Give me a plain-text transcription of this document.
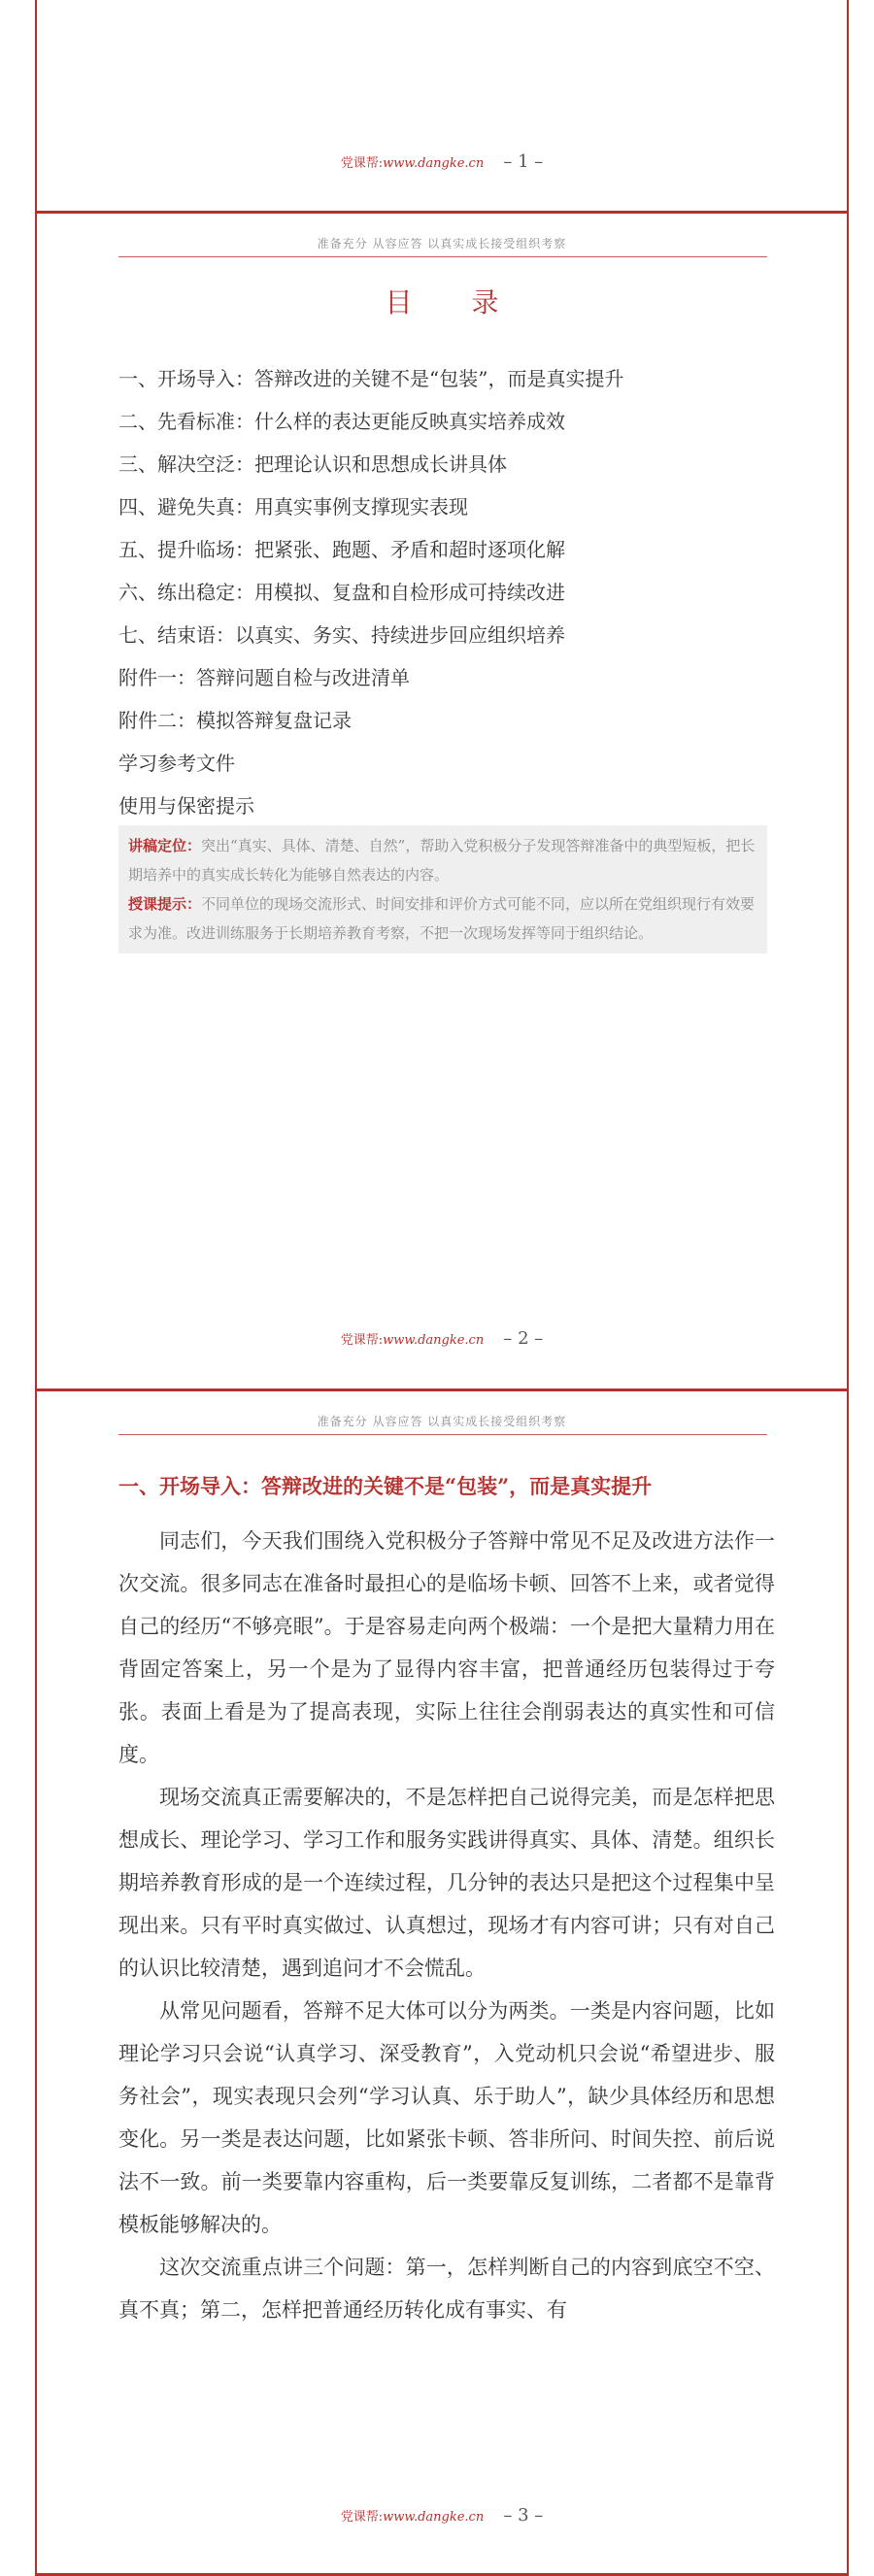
党课帮:www.dangke.cn – 1 –
准备充分 从容应答 以真实成长接受组织考察
目 录
一、开场导入：答辩改进的关键不是“包装”，而是真实提升
二、先看标准：什么样的表达更能反映真实培养成效
三、解决空泛：把理论认识和思想成长讲具体
四、避免失真：用真实事例支撑现实表现
五、提升临场：把紧张、跑题、矛盾和超时逐项化解
六、练出稳定：用模拟、复盘和自检形成可持续改进
七、结束语：以真实、务实、持续进步回应组织培养
附件一：答辩问题自检与改进清单
附件二：模拟答辩复盘记录
学习参考文件
使用与保密提示
讲稿定位：突出“真实、具体、清楚、自然”，帮助入党积极分子发现答辩准备中的典型短板，把长期培养中的真实成长转化为能够自然表达的内容。
授课提示：不同单位的现场交流形式、时间安排和评价方式可能不同，应以所在党组织现行有效要求为准。改进训练服务于长期培养教育考察，不把一次现场发挥等同于组织结论。
党课帮:www.dangke.cn – 2 –
准备充分 从容应答 以真实成长接受组织考察
一、开场导入：答辩改进的关键不是“包装”，而是真实提升

同志们，今天我们围绕入党积极分子答辩中常见不足及改进方法作一次交流。很多同志在准备时最担心的是临场卡顿、回答不上来，或者觉得自己的经历“不够亮眼”。于是容易走向两个极端：一个是把大量精力用在背固定答案上，另一个是为了显得内容丰富，把普通经历包装得过于夸张。表面上看是为了提高表现，实际上往往会削弱表达的真实性和可信度。

现场交流真正需要解决的，不是怎样把自己说得完美，而是怎样把思想成长、理论学习、学习工作和服务实践讲得真实、具体、清楚。组织长期培养教育形成的是一个连续过程，几分钟的表达只是把这个过程集中呈现出来。只有平时真实做过、认真想过，现场才有内容可讲；只有对自己的认识比较清楚，遇到追问才不会慌乱。

从常见问题看，答辩不足大体可以分为两类。一类是内容问题，比如理论学习只会说“认真学习、深受教育”，入党动机只会说“希望进步、服务社会”，现实表现只会列“学习认真、乐于助人”，缺少具体经历和思想变化。另一类是表达问题，比如紧张卡顿、答非所问、时间失控、前后说法不一致。前一类要靠内容重构，后一类要靠反复训练，二者都不是靠背模板能够解决的。

这次交流重点讲三个问题：第一，怎样判断自己的内容到底空不空、真不真；第二，怎样把普通经历转化成有事实、有

党课帮:www.dangke.cn – 3 –
